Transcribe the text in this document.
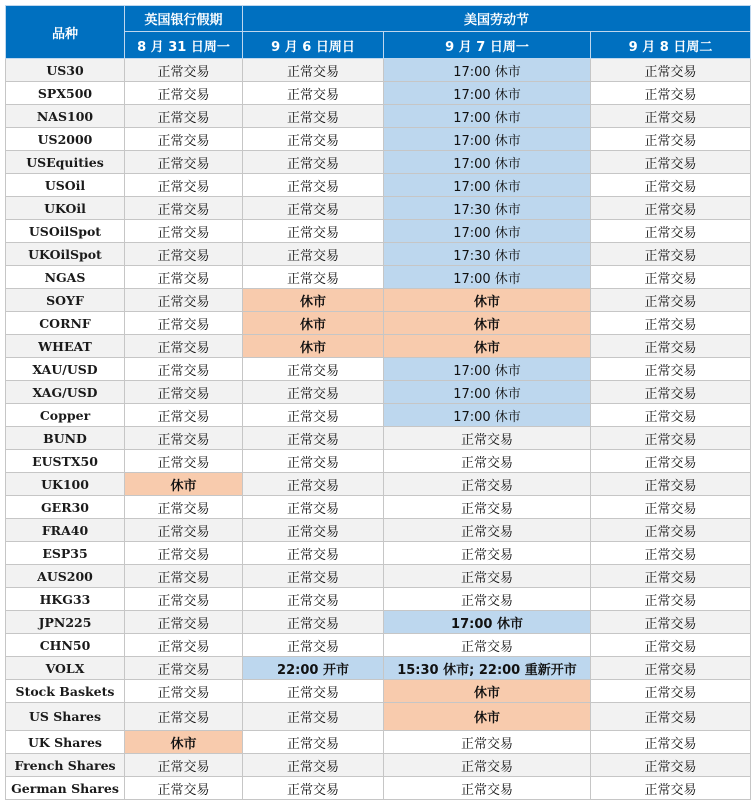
品种	英国银行假期	美国劳动节		
	8 月 31 日周一	9 月 6 日周日	9 月 7 日周一	9 月 8 日周二
US30	正常交易	正常交易	17:00 休市	正常交易
SPX500	正常交易	正常交易	17:00 休市	正常交易
NAS100	正常交易	正常交易	17:00 休市	正常交易
US2000	正常交易	正常交易	17:00 休市	正常交易
USEquities	正常交易	正常交易	17:00 休市	正常交易
USOil	正常交易	正常交易	17:00 休市	正常交易
UKOil	正常交易	正常交易	17:30 休市	正常交易
USOilSpot	正常交易	正常交易	17:00 休市	正常交易
UKOilSpot	正常交易	正常交易	17:30 休市	正常交易
NGAS	正常交易	正常交易	17:00 休市	正常交易
SOYF	正常交易	休市	休市	正常交易
CORNF	正常交易	休市	休市	正常交易
WHEAT	正常交易	休市	休市	正常交易
XAU/USD	正常交易	正常交易	17:00 休市	正常交易
XAG/USD	正常交易	正常交易	17:00 休市	正常交易
Copper	正常交易	正常交易	17:00 休市	正常交易
BUND	正常交易	正常交易	正常交易	正常交易
EUSTX50	正常交易	正常交易	正常交易	正常交易
UK100	休市	正常交易	正常交易	正常交易
GER30	正常交易	正常交易	正常交易	正常交易
FRA40	正常交易	正常交易	正常交易	正常交易
ESP35	正常交易	正常交易	正常交易	正常交易
AUS200	正常交易	正常交易	正常交易	正常交易
HKG33	正常交易	正常交易	正常交易	正常交易
JPN225	正常交易	正常交易	17:00 休市	正常交易
CHN50	正常交易	正常交易	正常交易	正常交易
VOLX	正常交易	22:00 开市	15:30 休市; 22:00 重新开市	正常交易
Stock Baskets	正常交易	正常交易	休市	正常交易
US Shares	正常交易	正常交易	休市	正常交易
UK Shares	休市	正常交易	正常交易	正常交易
French Shares	正常交易	正常交易	正常交易	正常交易
German Shares	正常交易	正常交易	正常交易	正常交易
